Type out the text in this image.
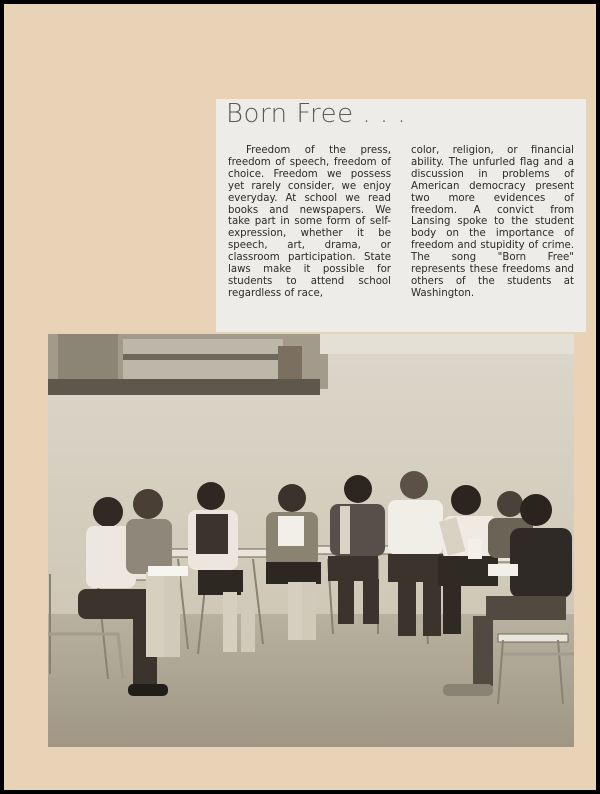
Born Free . . .
Freedom of the press, freedom of speech, freedom of choice. Freedom we possess yet rarely consider, we enjoy everyday. At school we read books and newspapers. We take part in some form of self-expression, whether it be speech, art, drama, or classroom participation. State laws make it possible for students to attend school regardless of race,
color, religion, or financial ability. The unfurled flag and a discussion in problems of American democracy present two more evidences of freedom. A convict from Lansing spoke to the student body on the importance of freedom and stupidity of crime. The song "Born Free" represents these freedoms and others of the students at Washington.
